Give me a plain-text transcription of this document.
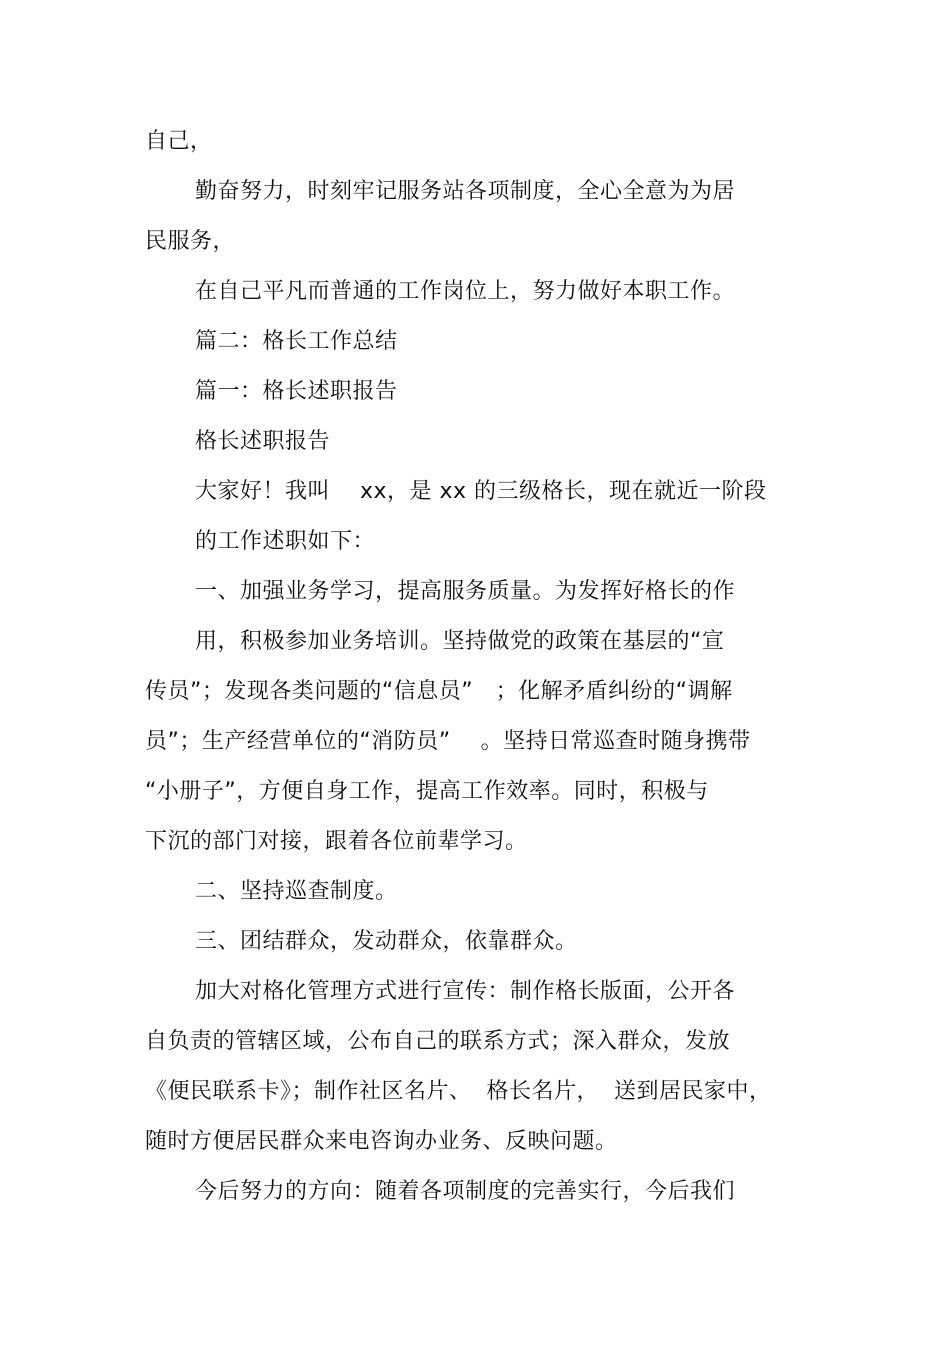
自己，
勤奋努力，时刻牢记服务站各项制度，全心全意为为居
民服务，
在自己平凡而普通的工作岗位上，努力做好本职工作。
篇二：格长工作总结
篇一：格长述职报告
格长述职报告
大家好！我叫    xx，是 xx 的三级格长，现在就近一阶段
的工作述职如下：
一、加强业务学习，提高服务质量。为发挥好格长的作
用，积极参加业务培训。坚持做党的政策在基层的“宣
传员”；发现各类问题的“信息员”   ；化解矛盾纠纷的“调解
员”；生产经营单位的“消防员”    。坚持日常巡查时随身携带
“小册子”，方便自身工作，提高工作效率。同时，积极与
下沉的部门对接，跟着各位前辈学习。
二、坚持巡查制度。
三、团结群众，发动群众，依靠群众。
加大对格化管理方式进行宣传：制作格长版面，公开各
自负责的管辖区域，公布自己的联系方式；深入群众，发放
《便民联系卡》；制作社区名片、  格长名片，  送到居民家中，
随时方便居民群众来电咨询办业务、反映问题。
今后努力的方向：随着各项制度的完善实行，今后我们
